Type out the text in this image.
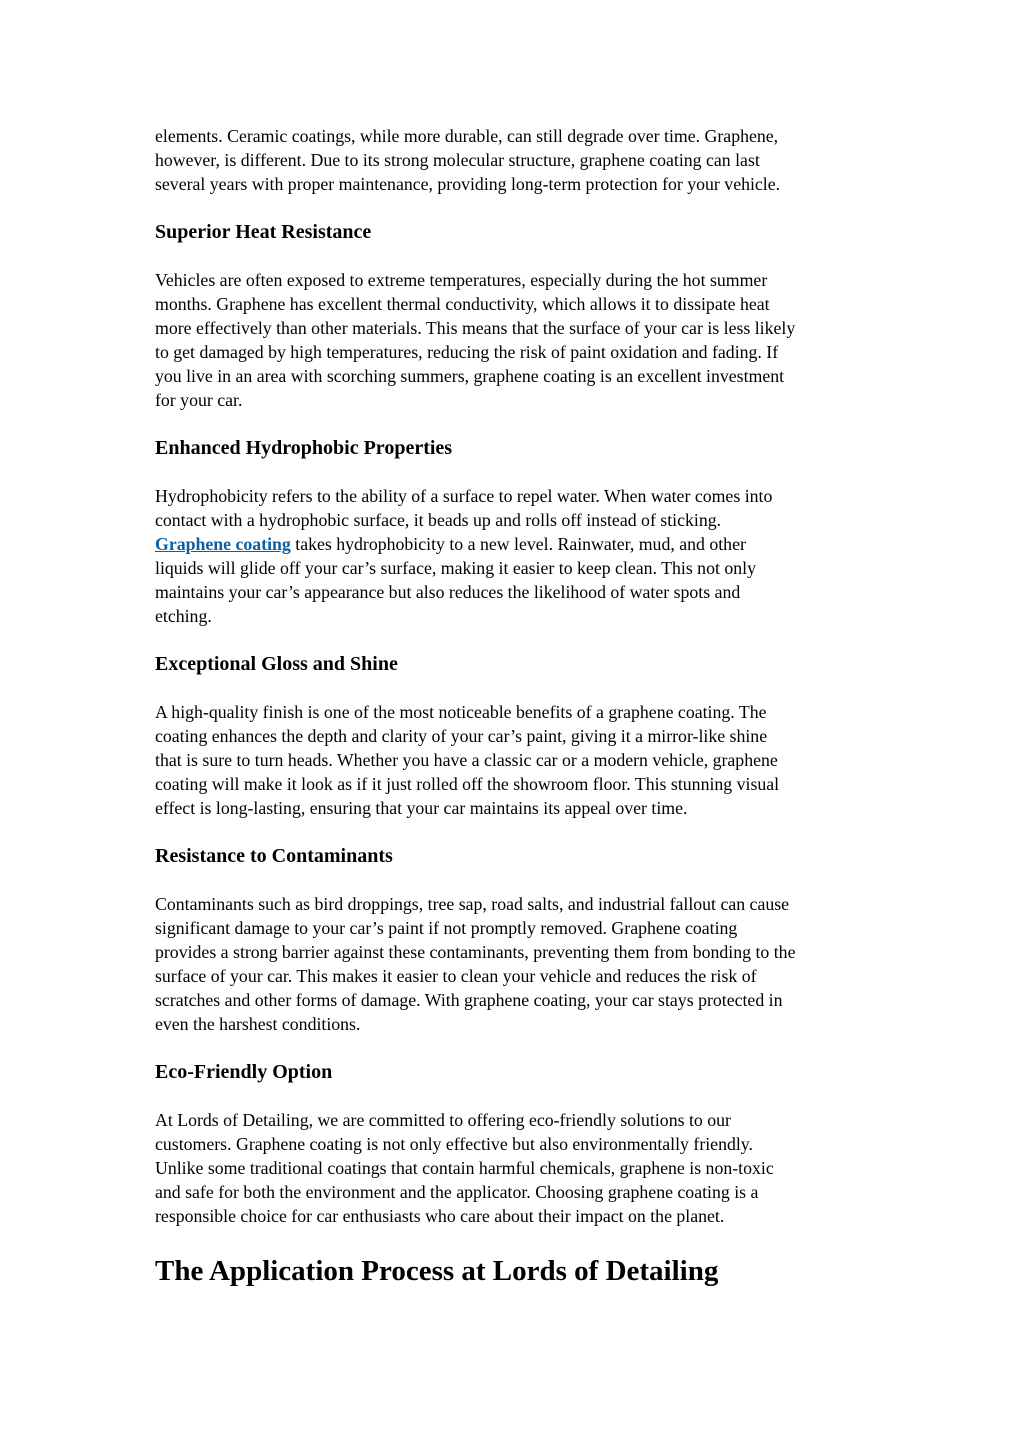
elements. Ceramic coatings, while more durable, can still degrade over time. Graphene,
however, is different. Due to its strong molecular structure, graphene coating can last
several years with proper maintenance, providing long-term protection for your vehicle.

Superior Heat Resistance

Vehicles are often exposed to extreme temperatures, especially during the hot summer
months. Graphene has excellent thermal conductivity, which allows it to dissipate heat
more effectively than other materials. This means that the surface of your car is less likely
to get damaged by high temperatures, reducing the risk of paint oxidation and fading. If
you live in an area with scorching summers, graphene coating is an excellent investment
for your car.

Enhanced Hydrophobic Properties

Hydrophobicity refers to the ability of a surface to repel water. When water comes into
contact with a hydrophobic surface, it beads up and rolls off instead of sticking.
Graphene coating takes hydrophobicity to a new level. Rainwater, mud, and other
liquids will glide off your car’s surface, making it easier to keep clean. This not only
maintains your car’s appearance but also reduces the likelihood of water spots and
etching.

Exceptional Gloss and Shine

A high-quality finish is one of the most noticeable benefits of a graphene coating. The
coating enhances the depth and clarity of your car’s paint, giving it a mirror-like shine
that is sure to turn heads. Whether you have a classic car or a modern vehicle, graphene
coating will make it look as if it just rolled off the showroom floor. This stunning visual
effect is long-lasting, ensuring that your car maintains its appeal over time.

Resistance to Contaminants

Contaminants such as bird droppings, tree sap, road salts, and industrial fallout can cause
significant damage to your car’s paint if not promptly removed. Graphene coating
provides a strong barrier against these contaminants, preventing them from bonding to the
surface of your car. This makes it easier to clean your vehicle and reduces the risk of
scratches and other forms of damage. With graphene coating, your car stays protected in
even the harshest conditions.

Eco-Friendly Option

At Lords of Detailing, we are committed to offering eco-friendly solutions to our
customers. Graphene coating is not only effective but also environmentally friendly.
Unlike some traditional coatings that contain harmful chemicals, graphene is non-toxic
and safe for both the environment and the applicator. Choosing graphene coating is a
responsible choice for car enthusiasts who care about their impact on the planet.

The Application Process at Lords of Detailing
